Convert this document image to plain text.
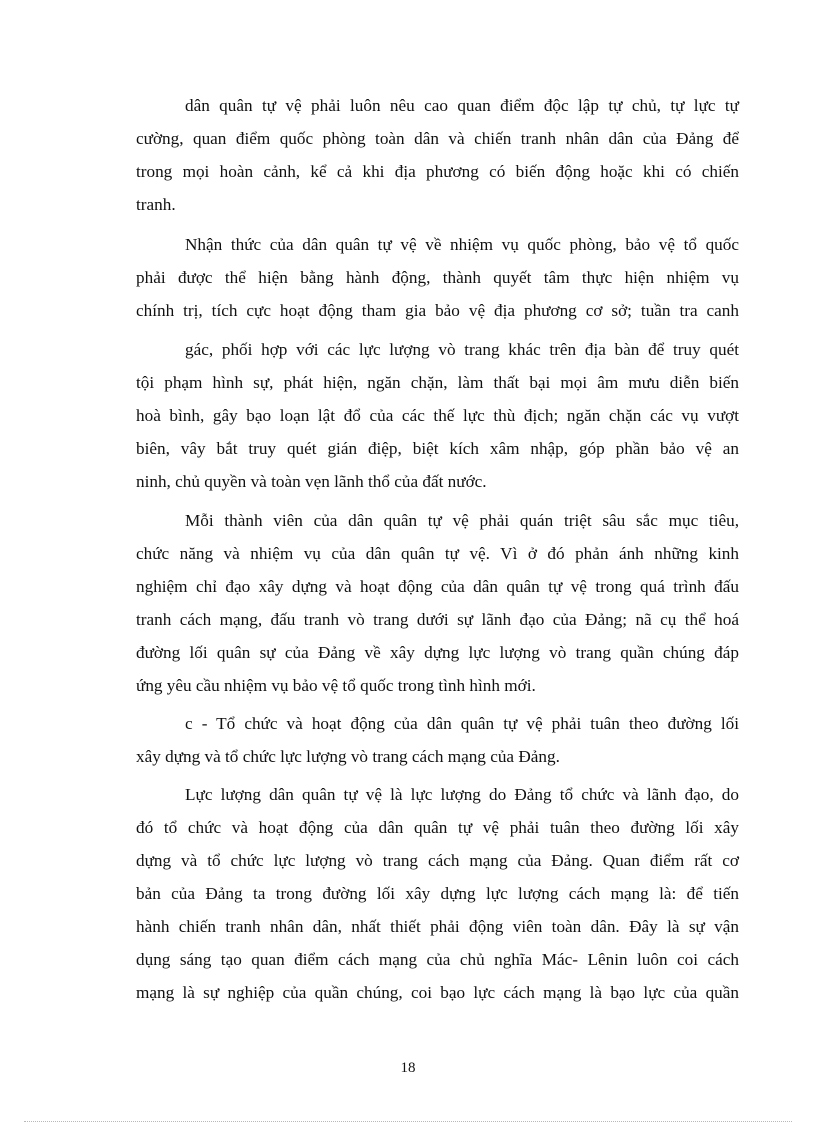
dân quân tự vệ phải luôn nêu cao quan điểm độc lập tự chủ, tự lực tự
cường, quan điểm quốc phòng toàn dân và chiến tranh nhân dân của Đảng để
trong mọi hoàn cảnh, kể cả khi địa phương có biến động hoặc khi có chiến
tranh.
Nhận thức của dân quân tự vệ về nhiệm vụ quốc phòng, bảo vệ tổ quốc
phải được thể hiện bằng hành động, thành quyết tâm thực hiện nhiệm vụ
chính trị, tích cực hoạt động tham gia bảo vệ địa phương cơ sở; tuần tra canh
gác, phối hợp với các lực lượng vò trang khác trên địa bàn để truy quét
tội phạm hình sự, phát hiện, ngăn chặn, làm thất bại mọi âm mưu diễn biến
hoà bình, gây bạo loạn lật đổ của các thế lực thù địch; ngăn chặn các vụ vượt
biên, vây bắt truy quét gián điệp, biệt kích xâm nhập, góp phần bảo vệ an
ninh, chủ quyền và toàn vẹn lãnh thổ của đất nước.
Mỗi thành viên của dân quân tự vệ phải quán triệt sâu sắc mục tiêu,
chức năng và nhiệm vụ của dân quân tự vệ. Vì ở đó phản ánh những kinh
nghiệm chỉ đạo xây dựng và hoạt động của dân quân tự vệ trong quá trình đấu
tranh cách mạng, đấu tranh vò trang dưới sự lãnh đạo của Đảng; nã cụ thể hoá
đường lối quân sự của Đảng về xây dựng lực lượng vò trang quần chúng đáp
ứng yêu cầu nhiệm vụ bảo vệ tổ quốc trong tình hình mới.
c - Tổ chức và hoạt động của dân quân tự vệ phải tuân theo đường lối
xây dựng và tổ chức lực lượng vò trang cách mạng của Đảng.
Lực lượng dân quân tự vệ là lực lượng do Đảng tổ chức và lãnh đạo, do
đó tổ chức và hoạt động của dân quân tự vệ phải tuân theo đường lối xây
dựng và tổ chức lực lượng vò trang cách mạng của Đảng. Quan điểm rất cơ
bản của Đảng ta trong đường lối xây dựng lực lượng cách mạng là: để tiến
hành chiến tranh nhân dân, nhất thiết phải động viên toàn dân. Đây là sự vận
dụng sáng tạo quan điểm cách mạng của chủ nghĩa Mác- Lênin luôn coi cách
mạng là sự nghiệp của quần chúng, coi bạo lực cách mạng là bạo lực của quần
18
